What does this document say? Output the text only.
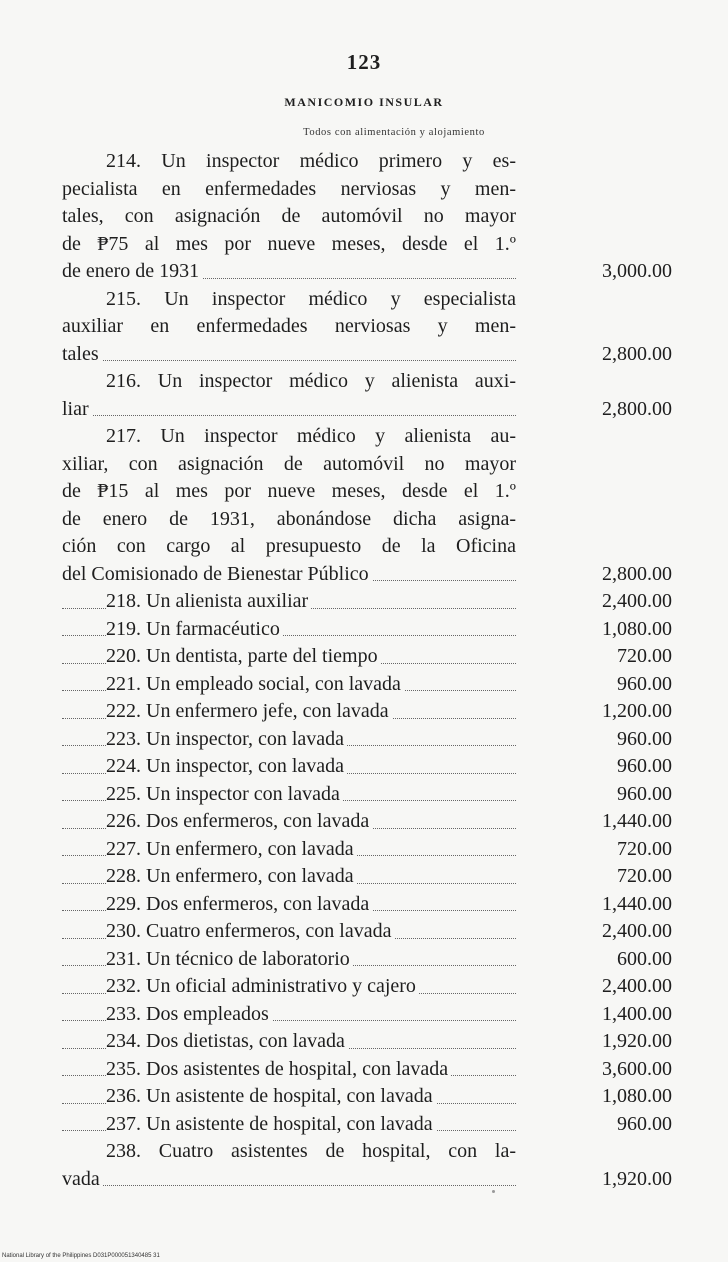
123
MANICOMIO INSULAR
Todos con alimentación y alojamiento
214. Un inspector médico primero y es-
pecialista en enfermedades nerviosas y men-
tales, con asignación de automóvil no mayor
de ₱75 al mes por nueve meses, desde el 1.º
de enero de 1931	3,000.00
215. Un inspector médico y especialista
auxiliar en enfermedades nerviosas y men-
tales	2,800.00
216. Un inspector médico y alienista auxi-
liar	2,800.00
217. Un inspector médico y alienista au-
xiliar, con asignación de automóvil no mayor
de ₱15 al mes por nueve meses, desde el 1.º
de enero de 1931, abonándose dicha asigna-
ción con cargo al presupuesto de la Oficina
del Comisionado de Bienestar Público	2,800.00
218. Un alienista auxiliar	2,400.00
219. Un farmacéutico	1,080.00
220. Un dentista, parte del tiempo	720.00
221. Un empleado social, con lavada	960.00
222. Un enfermero jefe, con lavada	1,200.00
223. Un inspector, con lavada	960.00
224. Un inspector, con lavada	960.00
225. Un inspector con lavada	960.00
226. Dos enfermeros, con lavada	1,440.00
227. Un enfermero, con lavada	720.00
228. Un enfermero, con lavada	720.00
229. Dos enfermeros, con lavada	1,440.00
230. Cuatro enfermeros, con lavada	2,400.00
231. Un técnico de laboratorio	600.00
232. Un oficial administrativo y cajero	2,400.00
233. Dos empleados	1,400.00
234. Dos dietistas, con lavada	1,920.00
235. Dos asistentes de hospital, con lavada	3,600.00
236. Un asistente de hospital, con lavada	1,080.00
237. Un asistente de hospital, con lavada	960.00
238. Cuatro asistentes de hospital, con la-
vada	1,920.00
National Library of the Philippines D031P000051340485 31
